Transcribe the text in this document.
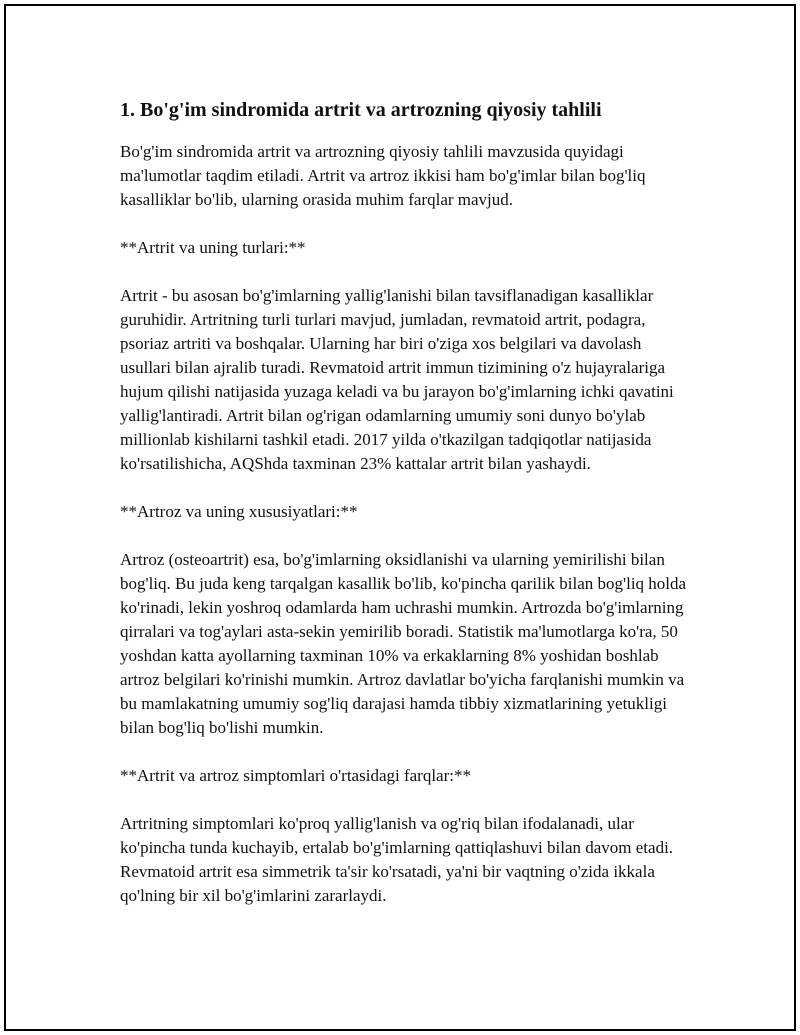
1. Bo'g'im sindromida artrit va artrozning qiyosiy tahlili

Bo'g'im sindromida artrit va artrozning qiyosiy tahlili mavzusida quyidagi ma'lumotlar taqdim etiladi. Artrit va artroz ikkisi ham bo'g'imlar bilan bog'liq kasalliklar bo'lib, ularning orasida muhim farqlar mavjud.

**Artrit va uning turlari:**

Artrit - bu asosan bo'g'imlarning yallig'lanishi bilan tavsiflanadigan kasalliklar guruhidir. Artritning turli turlari mavjud, jumladan, revmatoid artrit, podagra, psoriaz artriti va boshqalar. Ularning har biri o'ziga xos belgilari va davolash usullari bilan ajralib turadi. Revmatoid artrit immun tizimining o'z hujayralariga hujum qilishi natijasida yuzaga keladi va bu jarayon bo'g'imlarning ichki qavatini yallig'lantiradi. Artrit bilan og'rigan odamlarning umumiy soni dunyo bo'ylab millionlab kishilarni tashkil etadi. 2017 yilda o'tkazilgan tadqiqotlar natijasida ko'rsatilishicha, AQShda taxminan 23% kattalar artrit bilan yashaydi.

**Artroz va uning xususiyatlari:**

Artroz (osteoartrit) esa, bo'g'imlarning oksidlanishi va ularning yemirilishi bilan bog'liq. Bu juda keng tarqalgan kasallik bo'lib, ko'pincha qarilik bilan bog'liq holda ko'rinadi, lekin yoshroq odamlarda ham uchrashi mumkin. Artrozda bo'g'imlarning qirralari va tog'aylari asta-sekin yemirilib boradi. Statistik ma'lumotlarga ko'ra, 50 yoshdan katta ayollarning taxminan 10% va erkaklarning 8% yoshidan boshlab artroz belgilari ko'rinishi mumkin. Artroz davlatlar bo'yicha farqlanishi mumkin va bu mamlakatning umumiy sog'liq darajasi hamda tibbiy xizmatlarining yetukligi bilan bog'liq bo'lishi mumkin.

**Artrit va artroz simptomlari o'rtasidagi farqlar:**

Artritning simptomlari ko'proq yallig'lanish va og'riq bilan ifodalanadi, ular ko'pincha tunda kuchayib, ertalab bo'g'imlarning qattiqlashuvi bilan davom etadi. Revmatoid artrit esa simmetrik ta'sir ko'rsatadi, ya'ni bir vaqtning o'zida ikkala qo'lning bir xil bo'g'imlarini zararlaydi.
